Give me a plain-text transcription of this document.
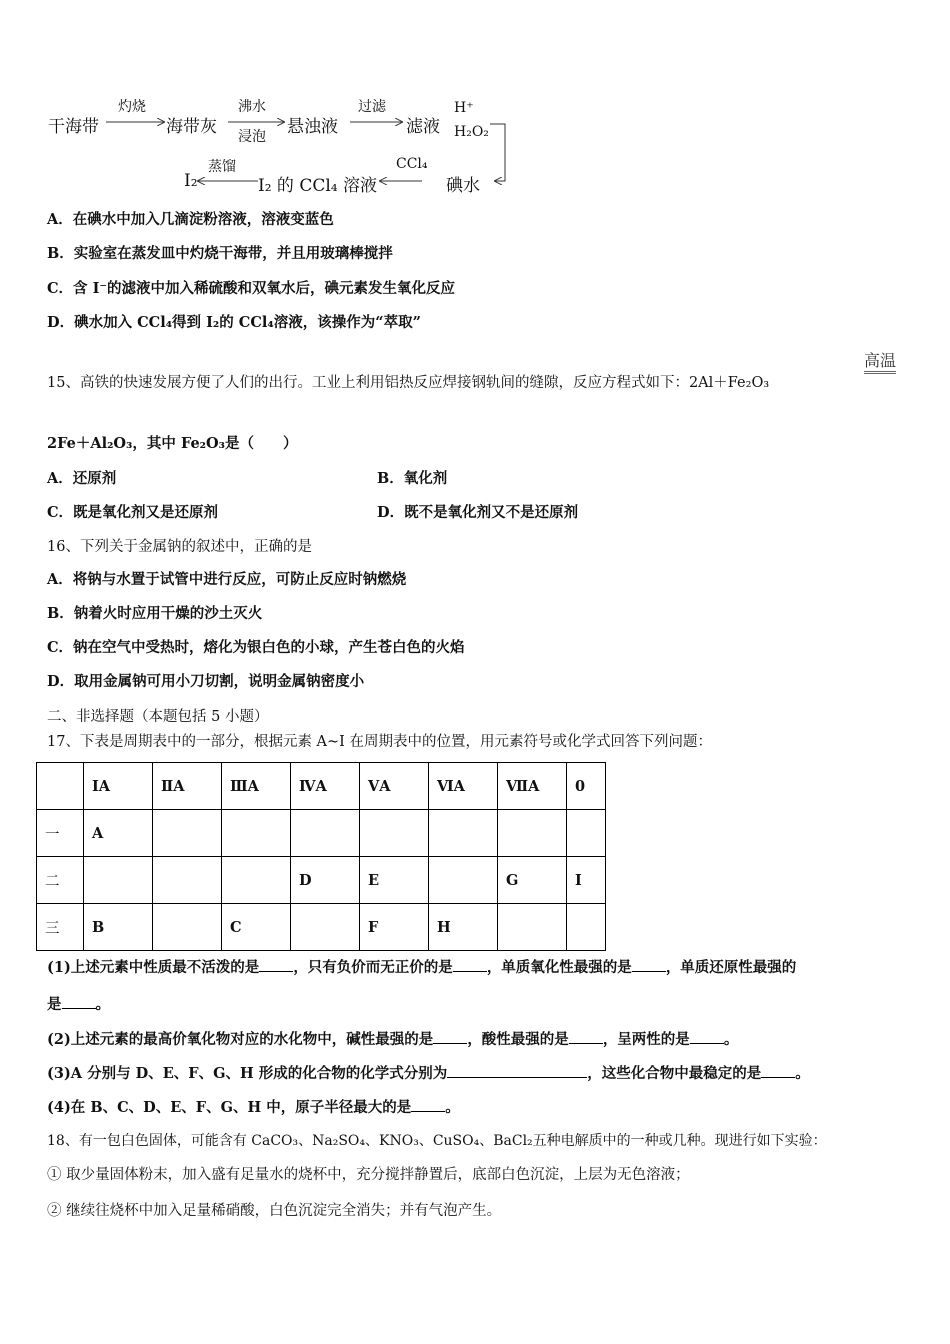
干海带
灼烧
海带灰
沸水
浸泡 悬浊液
过滤
滤液
H⁺
H₂O₂
碘水
CCl₄
I₂ 的 CCl₄ 溶液
蒸馏
I₂
A．在碘水中加入几滴淀粉溶液，溶液变蓝色
B．实验室在蒸发皿中灼烧干海带，并且用玻璃棒搅拌
C．含 I⁻的滤液中加入稀硫酸和双氧水后，碘元素发生氧化反应
D．碘水加入 CCl₄得到 I₂的 CCl₄溶液，该操作为“萃取”
高温
15、高铁的快速发展方便了人们的出行。工业上利用铝热反应焊接钢轨间的缝隙，反应方程式如下：2Al＋Fe₂O₃
2Fe＋Al₂O₃，其中 Fe₂O₃是（　　）
A．还原剂	B．氧化剂
C．既是氧化剂又是还原剂	D．既不是氧化剂又不是还原剂
16、下列关于金属钠的叙述中，正确的是
A．将钠与水置于试管中进行反应，可防止反应时钠燃烧
B．钠着火时应用干燥的沙土灭火
C．钠在空气中受热时，熔化为银白色的小球，产生苍白色的火焰
D．取用金属钠可用小刀切割，说明金属钠密度小
二、非选择题（本题包括 5 小题）
17、下表是周期表中的一部分，根据元素 A~I 在周期表中的位置，用元素符号或化学式回答下列问题：
	ⅠA	ⅡA	ⅢA	ⅣA	ⅤA	ⅥA	ⅦA	0
一	A							
二				D	E		G	I
三	B		C		F	H		
(1)上述元素中性质最不活泼的是 ，只有负价而无正价的是 ，单质氧化性最强的是 ，单质还原性最强的
是 。
(2)上述元素的最高价氧化物对应的水化物中，碱性最强的是 ，酸性最强的是 ，呈两性的是 。
(3)A 分别与 D、E、F、G、H 形成的化合物的化学式分别为	，这些化合物中最稳定的是 。
(4)在 B、C、D、E、F、G、H 中，原子半径最大的是 。
18、有一包白色固体，可能含有 CaCO₃、Na₂SO₄、KNO₃、CuSO₄、BaCl₂五种电解质中的一种或几种。现进行如下实验：
① 取少量固体粉末，加入盛有足量水的烧杯中，充分搅拌静置后，底部白色沉淀，上层为无色溶液；
② 继续往烧杯中加入足量稀硝酸，白色沉淀完全消失；并有气泡产生。
